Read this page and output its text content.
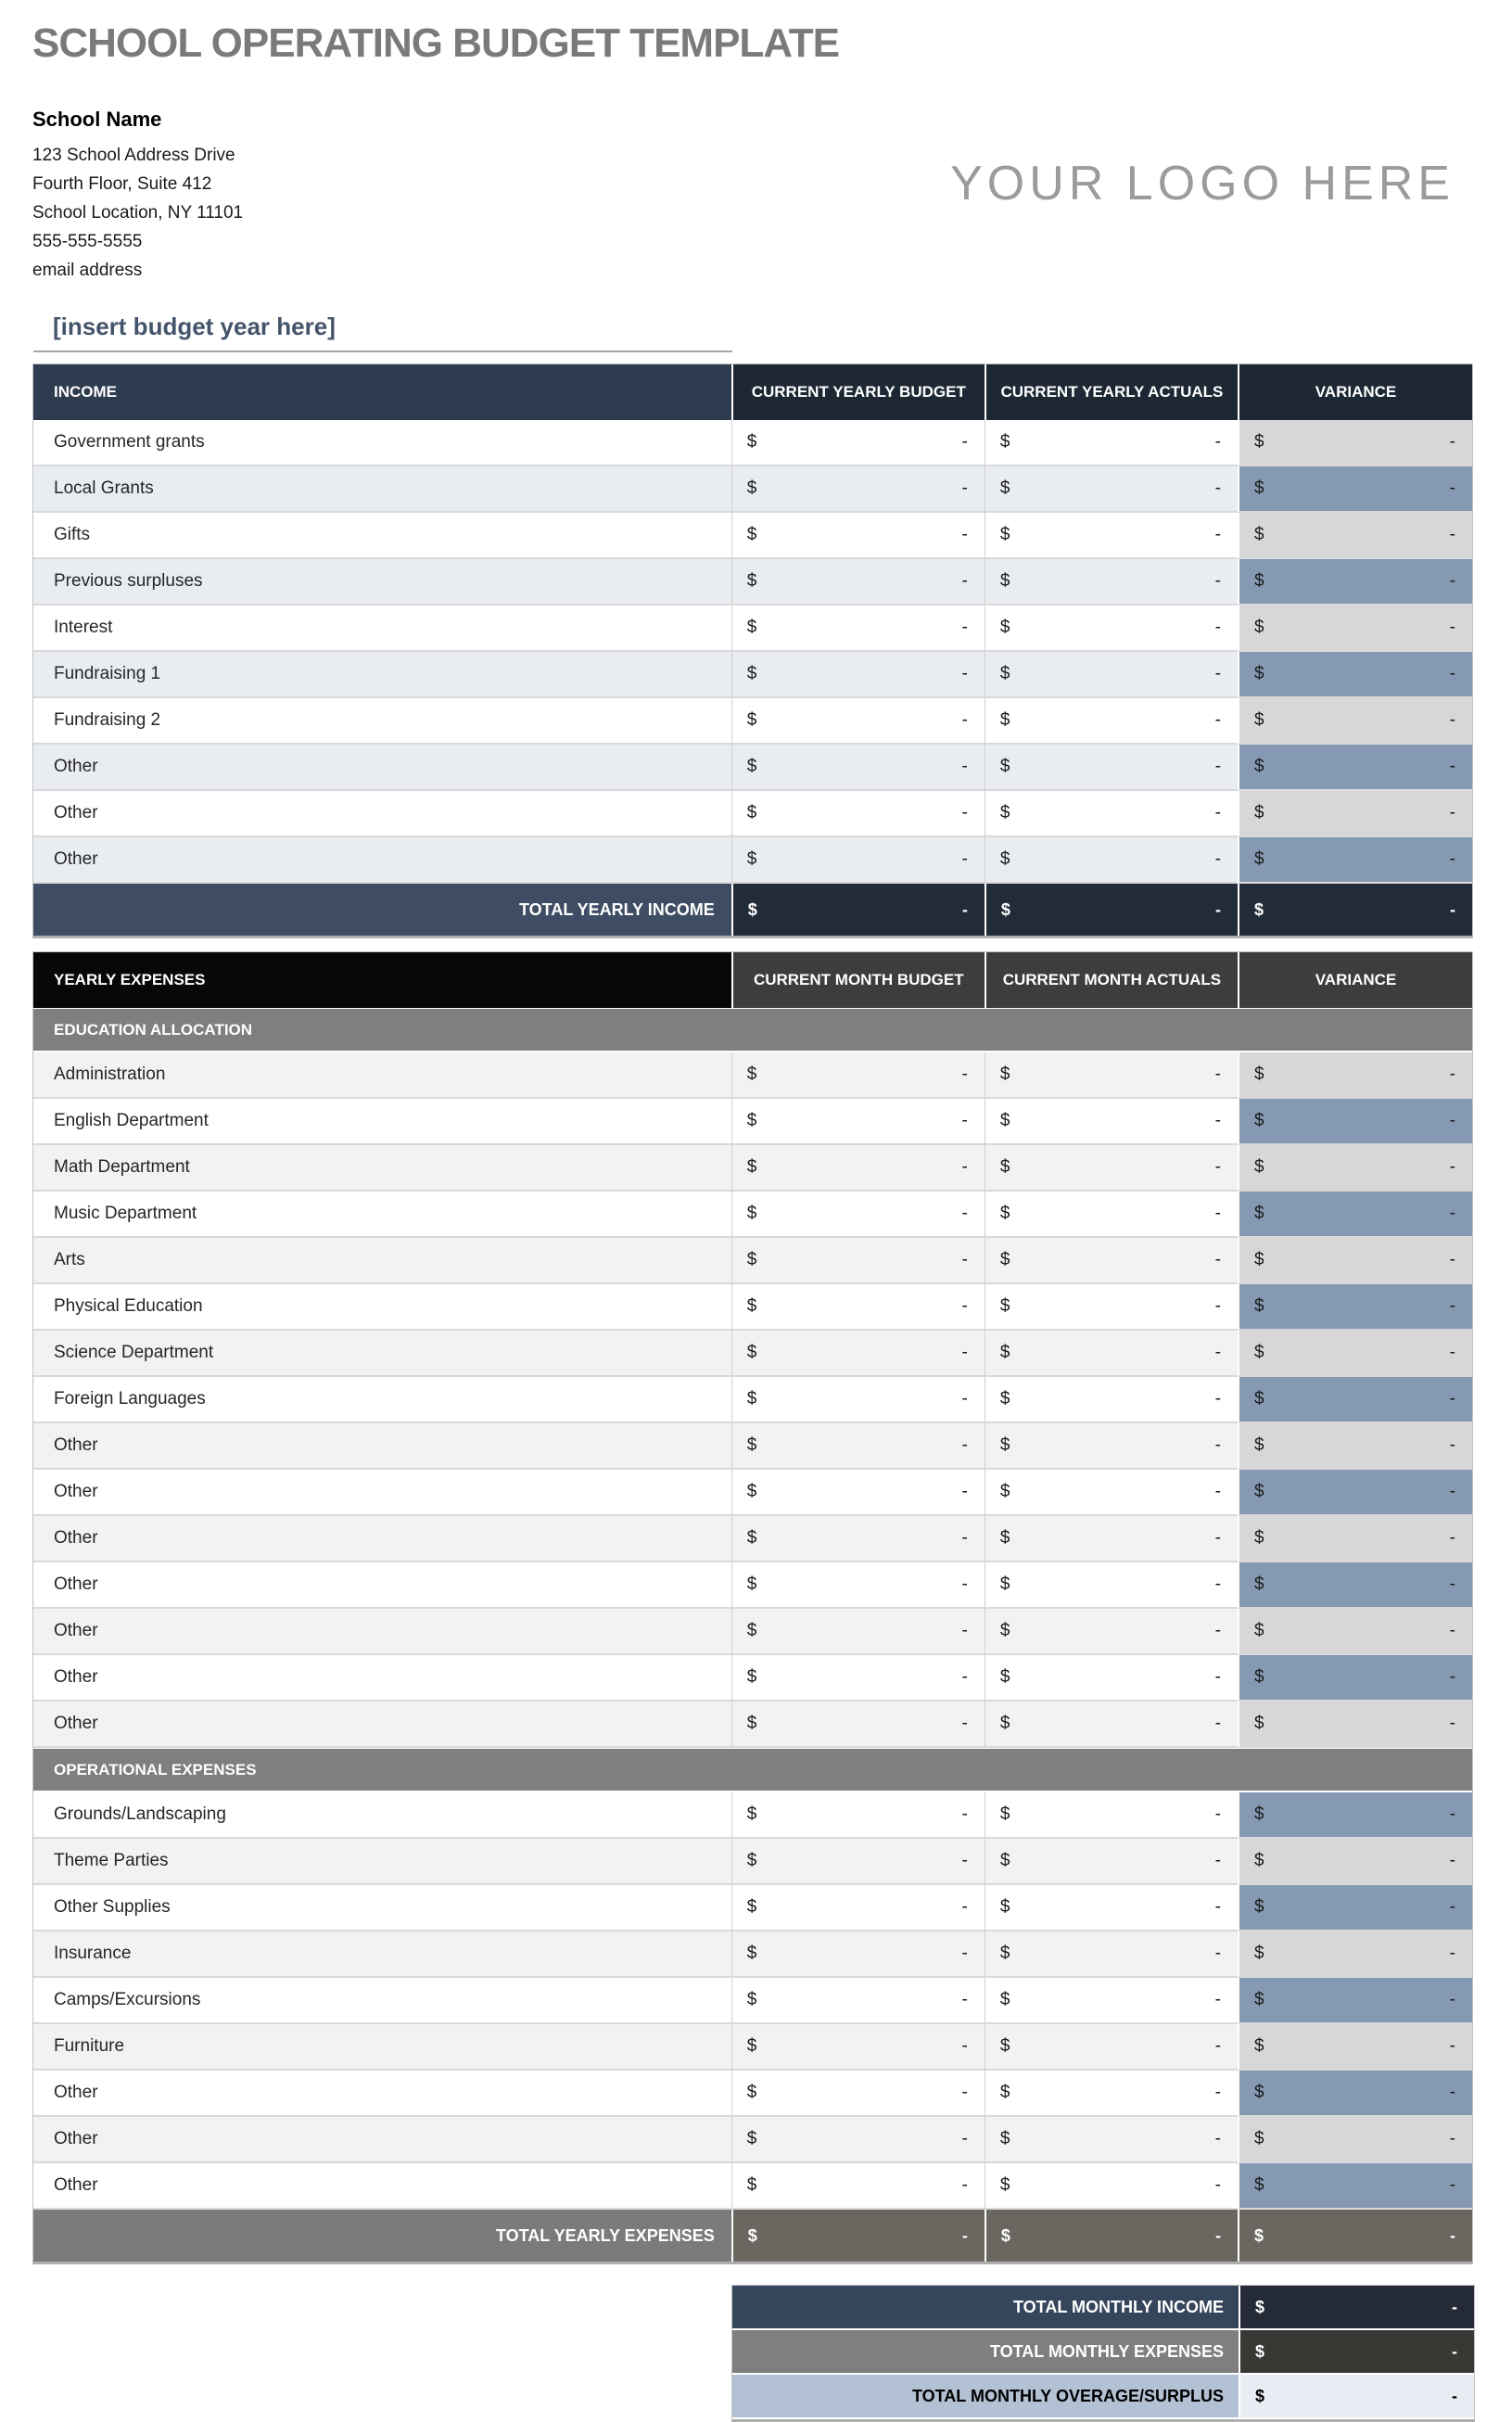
SCHOOL OPERATING BUDGET TEMPLATE
School Name
123 School Address Drive
Fourth Floor, Suite 412
School Location, NY 11101
555-555-5555
email address
YOUR LOGO HERE
[insert budget year here]
INCOME	CURRENT YEARLY BUDGET	CURRENT YEARLY ACTUALS	VARIANCE
Government grants	$ -	$ -	$ -

Local Grants	$ -	$ -	$ -

Gifts	$ -	$ -	$ -

Previous surpluses	$ -	$ -	$ -

Interest	$ -	$ -	$ -

Fundraising 1	$ -	$ -	$ -

Fundraising 2	$ -	$ -	$ -

Other	$ -	$ -	$ -

Other	$ -	$ -	$ -

Other	$ -	$ -	$ -

TOTAL YEARLY INCOME	$ -	$ -	$ -
YEARLY EXPENSES	CURRENT MONTH BUDGET	CURRENT MONTH ACTUALS	VARIANCE
EDUCATION ALLOCATION			
Administration	$ -	$ -	$ -

English Department	$ -	$ -	$ -

Math Department	$ -	$ -	$ -

Music Department	$ -	$ -	$ -

Arts	$ -	$ -	$ -

Physical Education	$ -	$ -	$ -

Science Department	$ -	$ -	$ -

Foreign Languages	$ -	$ -	$ -

Other	$ -	$ -	$ -

Other	$ -	$ -	$ -

Other	$ -	$ -	$ -

Other	$ -	$ -	$ -

Other	$ -	$ -	$ -

Other	$ -	$ -	$ -

Other	$ -	$ -	$ -

OPERATIONAL EXPENSES			
Grounds/Landscaping	$ -	$ -	$ -

Theme Parties	$ -	$ -	$ -

Other Supplies	$ -	$ -	$ -

Insurance	$ -	$ -	$ -

Camps/Excursions	$ -	$ -	$ -

Furniture	$ -	$ -	$ -

Other	$ -	$ -	$ -

Other	$ -	$ -	$ -

Other	$ -	$ -	$ -

TOTAL YEARLY EXPENSES	$ -	$ -	$ -
TOTAL MONTHLY INCOME	$ -

TOTAL MONTHLY EXPENSES	$ -

TOTAL MONTHLY OVERAGE/SURPLUS	$ -
